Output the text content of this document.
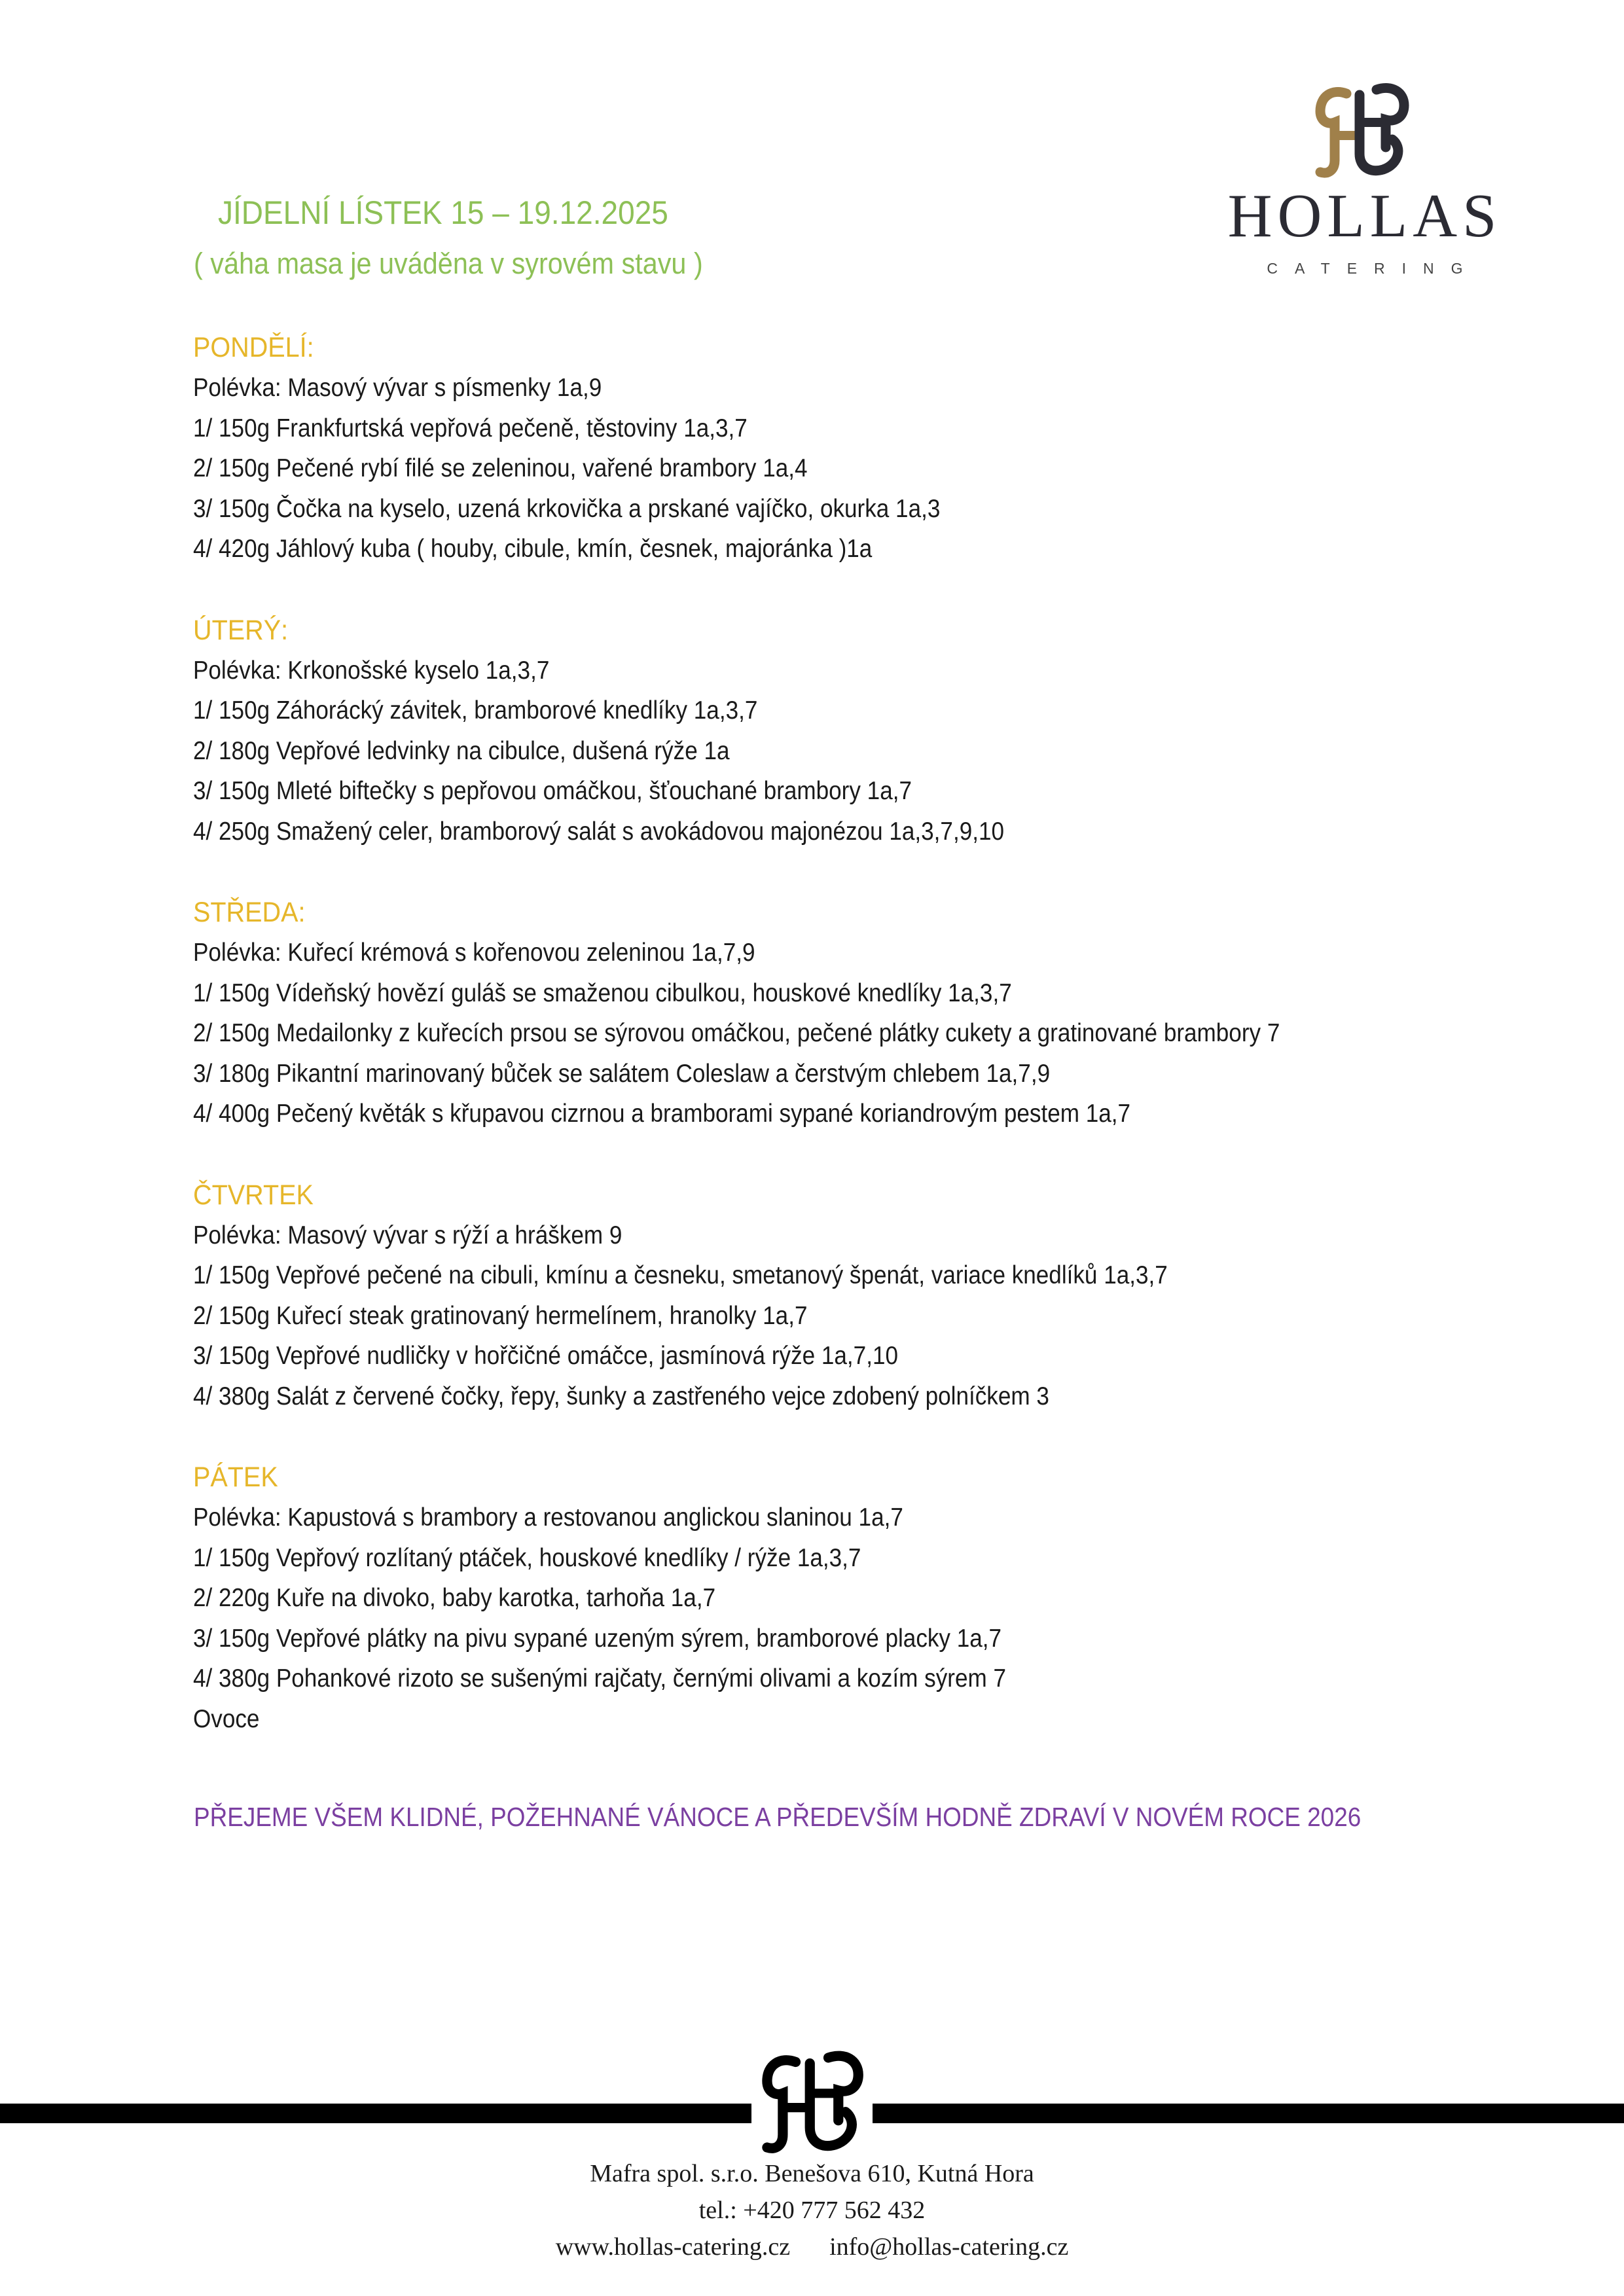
HOLLAS
CATERING
JÍDELNÍ LÍSTEK 15 – 19.12.2025
( váha masa je uváděna v syrovém stavu )
PONDĚLÍ:
Polévka: Masový vývar s písmenky 1a,9
1/ 150g Frankfurtská vepřová pečeně, těstoviny 1a,3,7
2/ 150g Pečené rybí filé se zeleninou, vařené brambory 1a,4
3/ 150g Čočka na kyselo, uzená krkovička a prskané vajíčko, okurka 1a,3
4/ 420g Jáhlový kuba ( houby, cibule, kmín, česnek, majoránka )1a
ÚTERÝ:
Polévka: Krkonošské kyselo 1a,3,7
1/ 150g Záhorácký závitek, bramborové knedlíky 1a,3,7
2/ 180g Vepřové ledvinky na cibulce, dušená rýže 1a
3/ 150g Mleté biftečky s pepřovou omáčkou, šťouchané brambory 1a,7
4/ 250g Smažený celer, bramborový salát s avokádovou majonézou 1a,3,7,9,10
STŘEDA:
Polévka: Kuřecí krémová s kořenovou zeleninou 1a,7,9
1/ 150g Vídeňský hovězí guláš se smaženou cibulkou, houskové knedlíky 1a,3,7
2/ 150g Medailonky z kuřecích prsou se sýrovou omáčkou, pečené plátky cukety a gratinované brambory 7
3/ 180g Pikantní marinovaný bůček se salátem Coleslaw a čerstvým chlebem 1a,7,9
4/ 400g Pečený květák s křupavou cizrnou a bramborami sypané koriandrovým pestem 1a,7
ČTVRTEK
Polévka: Masový vývar s rýží a hráškem 9
1/ 150g Vepřové pečené na cibuli, kmínu a česneku, smetanový špenát, variace knedlíků 1a,3,7
2/ 150g Kuřecí steak gratinovaný hermelínem, hranolky 1a,7
3/ 150g Vepřové nudličky v hořčičné omáčce, jasmínová rýže 1a,7,10
4/ 380g Salát z červené čočky, řepy, šunky a zastřeného vejce zdobený polníčkem 3
PÁTEK
Polévka: Kapustová s brambory a restovanou anglickou slaninou 1a,7
1/ 150g Vepřový rozlítaný ptáček, houskové knedlíky / rýže 1a,3,7
2/ 220g Kuře na divoko, baby karotka, tarhoňa 1a,7
3/ 150g Vepřové plátky na pivu sypané uzeným sýrem, bramborové placky 1a,7
4/ 380g Pohankové rizoto se sušenými rajčaty, černými olivami a kozím sýrem 7
Ovoce
PŘEJEME VŠEM KLIDNÉ, POŽEHNANÉ VÁNOCE A PŘEDEVŠÍM HODNĚ ZDRAVÍ V NOVÉM ROCE 2026
Mafra spol. s.r.o. Benešova 610, Kutná Hora
tel.: +420 777 562 432
www.hollas-catering.cz info@hollas-catering.cz
